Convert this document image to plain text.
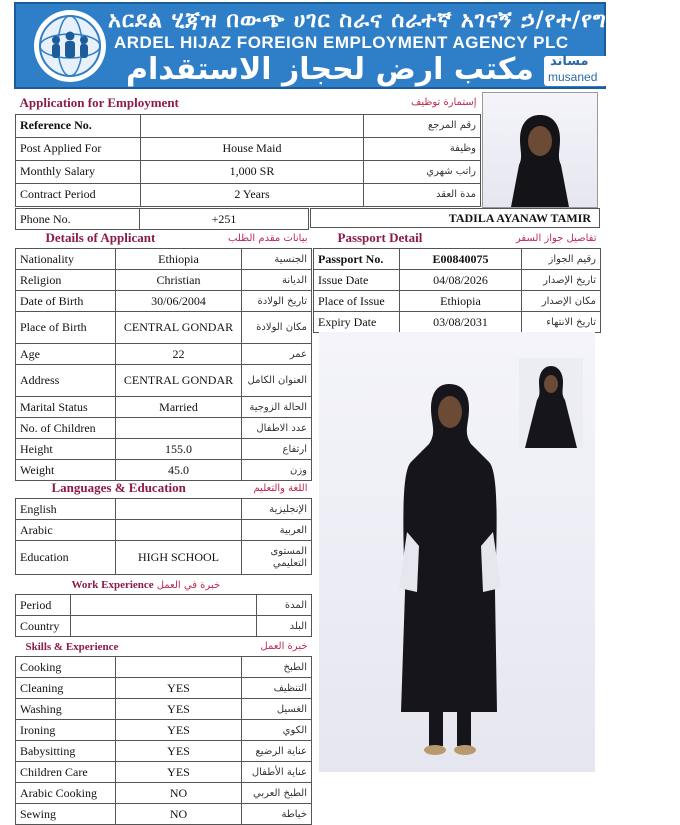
አርደል ሂጃዝ በውጭ ሀገር ስራና ሰራተኛ አገናኝ ኃ/የተ/የግ/ማህበር
ARDEL HIJAZ FOREIGN EMPLOYMENT AGENCY PLC
مكتب ارض لحجاز الاستقدام مساند
musaned
Application for Employment		إستمارة توظيف
Reference No.		رقم المرجع
Post Applied For	House Maid	وظيفة
Monthly Salary	1,000 SR	راتب شهري
Contract Period	2 Years	مدة العقد
Phone No.	+251	TADILA AYANAW TAMIR
Details of Applicant		بيانات مقدم الطلب
Nationality	Ethiopia	الجنسية
Religion	Christian	الديانة
Date of Birth	30/06/2004	تاريخ الولادة
Place of Birth	CENTRAL GONDAR	مكان الولادة
Age	22	عمر
Address	CENTRAL GONDAR	العنوان الكامل
Marital Status	Married	الحالة الزوجية
No. of Children		عدد الاطفال
Height	155.0	ارتفاع
Weight	45.0	وزن
Passport Detail		تفاصيل جواز السفر
Passport No.	E00840075	رقيم الجواز
Issue Date	04/08/2026	تاريخ الإصدار
Place of Issue	Ethiopia	مكان الإصدار
Expiry Date	03/08/2031	تاريخ الانتهاء
Languages & Education		اللغة والتعليم
English		الإنجليزية
Arabic		العربية
Education	HIGH SCHOOL	المستوى التعليمي
Work Experience خبرة في العمل		
Period		المدة
Country		البلد
Skills & Experience		خبرة العمل
Cooking		الطبخ
Cleaning	YES	التنظيف
Washing	YES	الغسيل
Ironing	YES	الكوي
Babysitting	YES	عناية الرضيع
Children Care	YES	عناية الأطفال
Arabic Cooking	NO	الطبخ العربي
Sewing	NO	خياطة
